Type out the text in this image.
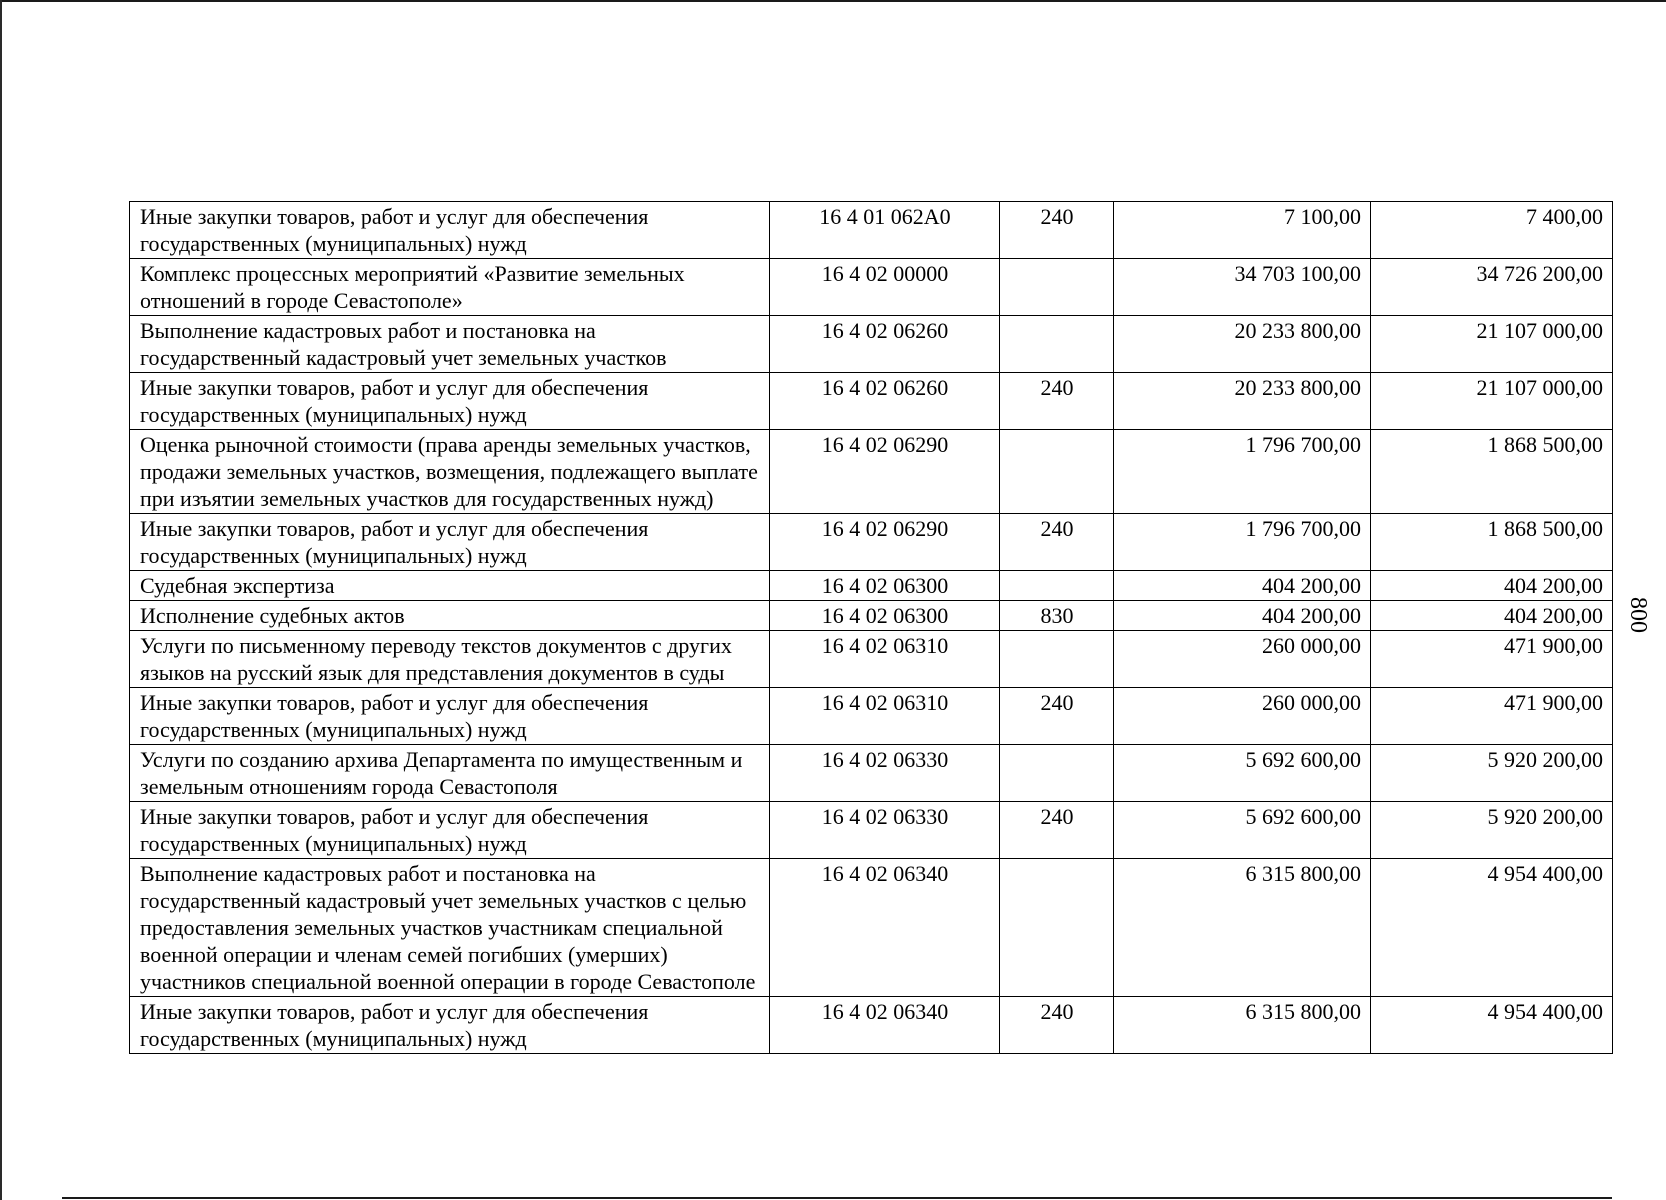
Иные закупки товаров, работ и услуг для обеспечения государственных (муниципальных) нужд	16 4 01 062А0	240	7 100,00	7 400,00
Комплекс процессных мероприятий «Развитие земельных отношений в городе Севастополе»	16 4 02 00000		34 703 100,00	34 726 200,00
Выполнение кадастровых работ и постановка на государственный кадастровый учет земельных участков	16 4 02 06260		20 233 800,00	21 107 000,00
Иные закупки товаров, работ и услуг для обеспечения государственных (муниципальных) нужд	16 4 02 06260	240	20 233 800,00	21 107 000,00
Оценка рыночной стоимости (права аренды земельных участков, продажи земельных участков, возмещения, подлежащего выплате при изъятии земельных участков для государственных нужд)	16 4 02 06290		1 796 700,00	1 868 500,00
Иные закупки товаров, работ и услуг для обеспечения государственных (муниципальных) нужд	16 4 02 06290	240	1 796 700,00	1 868 500,00
Судебная экспертиза	16 4 02 06300		404 200,00	404 200,00
Исполнение судебных актов	16 4 02 06300	830	404 200,00	404 200,00
Услуги по письменному переводу текстов документов с других языков на русский язык для представления документов в суды	16 4 02 06310		260 000,00	471 900,00
Иные закупки товаров, работ и услуг для обеспечения государственных (муниципальных) нужд	16 4 02 06310	240	260 000,00	471 900,00
Услуги по созданию архива Департамента по имущественным и земельным отношениям города Севастополя	16 4 02 06330		5 692 600,00	5 920 200,00
Иные закупки товаров, работ и услуг для обеспечения государственных (муниципальных) нужд	16 4 02 06330	240	5 692 600,00	5 920 200,00
Выполнение кадастровых работ и постановка на государственный кадастровый учет земельных участков с целью предоставления земельных участков участникам специальной военной операции и членам семей погибших (умерших) участников специальной военной операции в городе Севастополе	16 4 02 06340		6 315 800,00	4 954 400,00
Иные закупки товаров, работ и услуг для обеспечения государственных (муниципальных) нужд	16 4 02 06340	240	6 315 800,00	4 954 400,00
800
